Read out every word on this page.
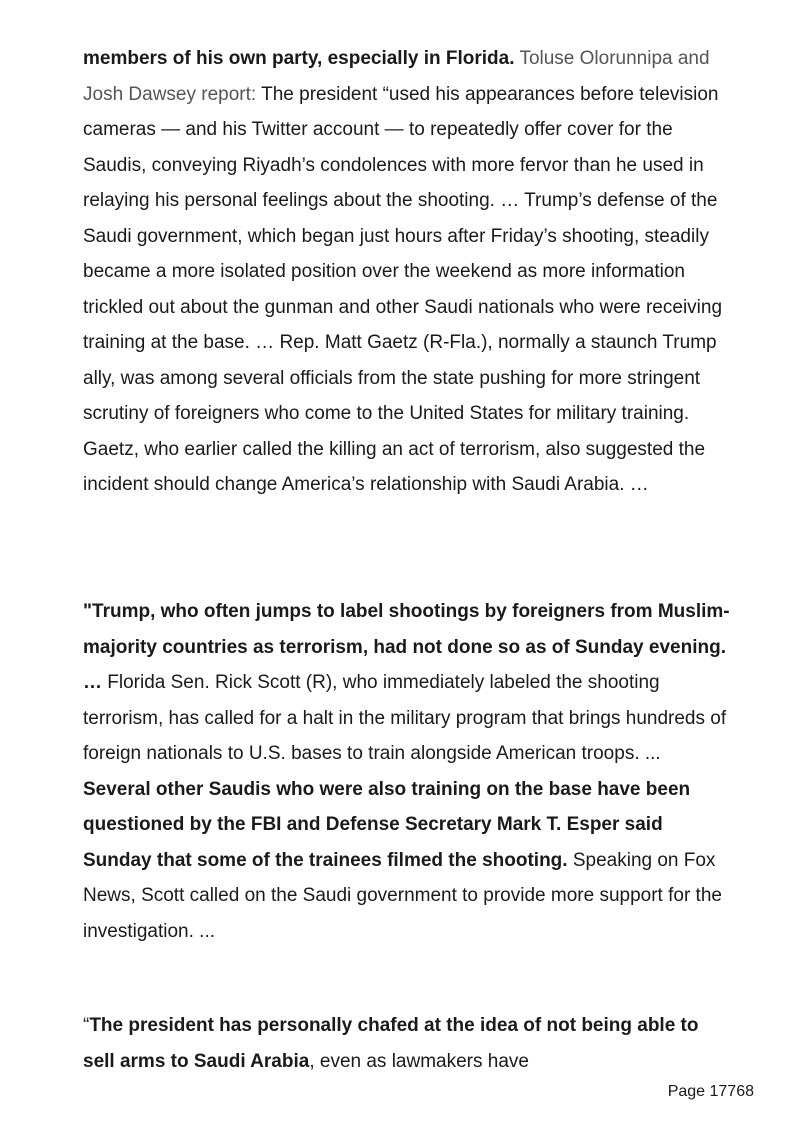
members of his own party, especially in Florida. Toluse Olorunnipa and Josh Dawsey report: The president “used his appearances before television cameras — and his Twitter account — to repeatedly offer cover for the Saudis, conveying Riyadh’s condolences with more fervor than he used in relaying his personal feelings about the shooting. … Trump’s defense of the Saudi government, which began just hours after Friday’s shooting, steadily became a more isolated position over the weekend as more information trickled out about the gunman and other Saudi nationals who were receiving training at the base. … Rep. Matt Gaetz (R-Fla.), normally a staunch Trump ally, was among several officials from the state pushing for more stringent scrutiny of foreigners who come to the United States for military training. Gaetz, who earlier called the killing an act of terrorism, also suggested the incident should change America’s relationship with Saudi Arabia. …

"Trump, who often jumps to label shootings by foreigners from Muslim-majority countries as terrorism, had not done so as of Sunday evening. … Florida Sen. Rick Scott (R), who immediately labeled the shooting terrorism, has called for a halt in the military program that brings hundreds of foreign nationals to U.S. bases to train alongside American troops. ... Several other Saudis who were also training on the base have been questioned by the FBI and Defense Secretary Mark T. Esper said Sunday that some of the trainees filmed the shooting. Speaking on Fox News, Scott called on the Saudi government to provide more support for the investigation. ...

“The president has personally chafed at the idea of not being able to sell arms to Saudi Arabia, even as lawmakers have

Page 17768
